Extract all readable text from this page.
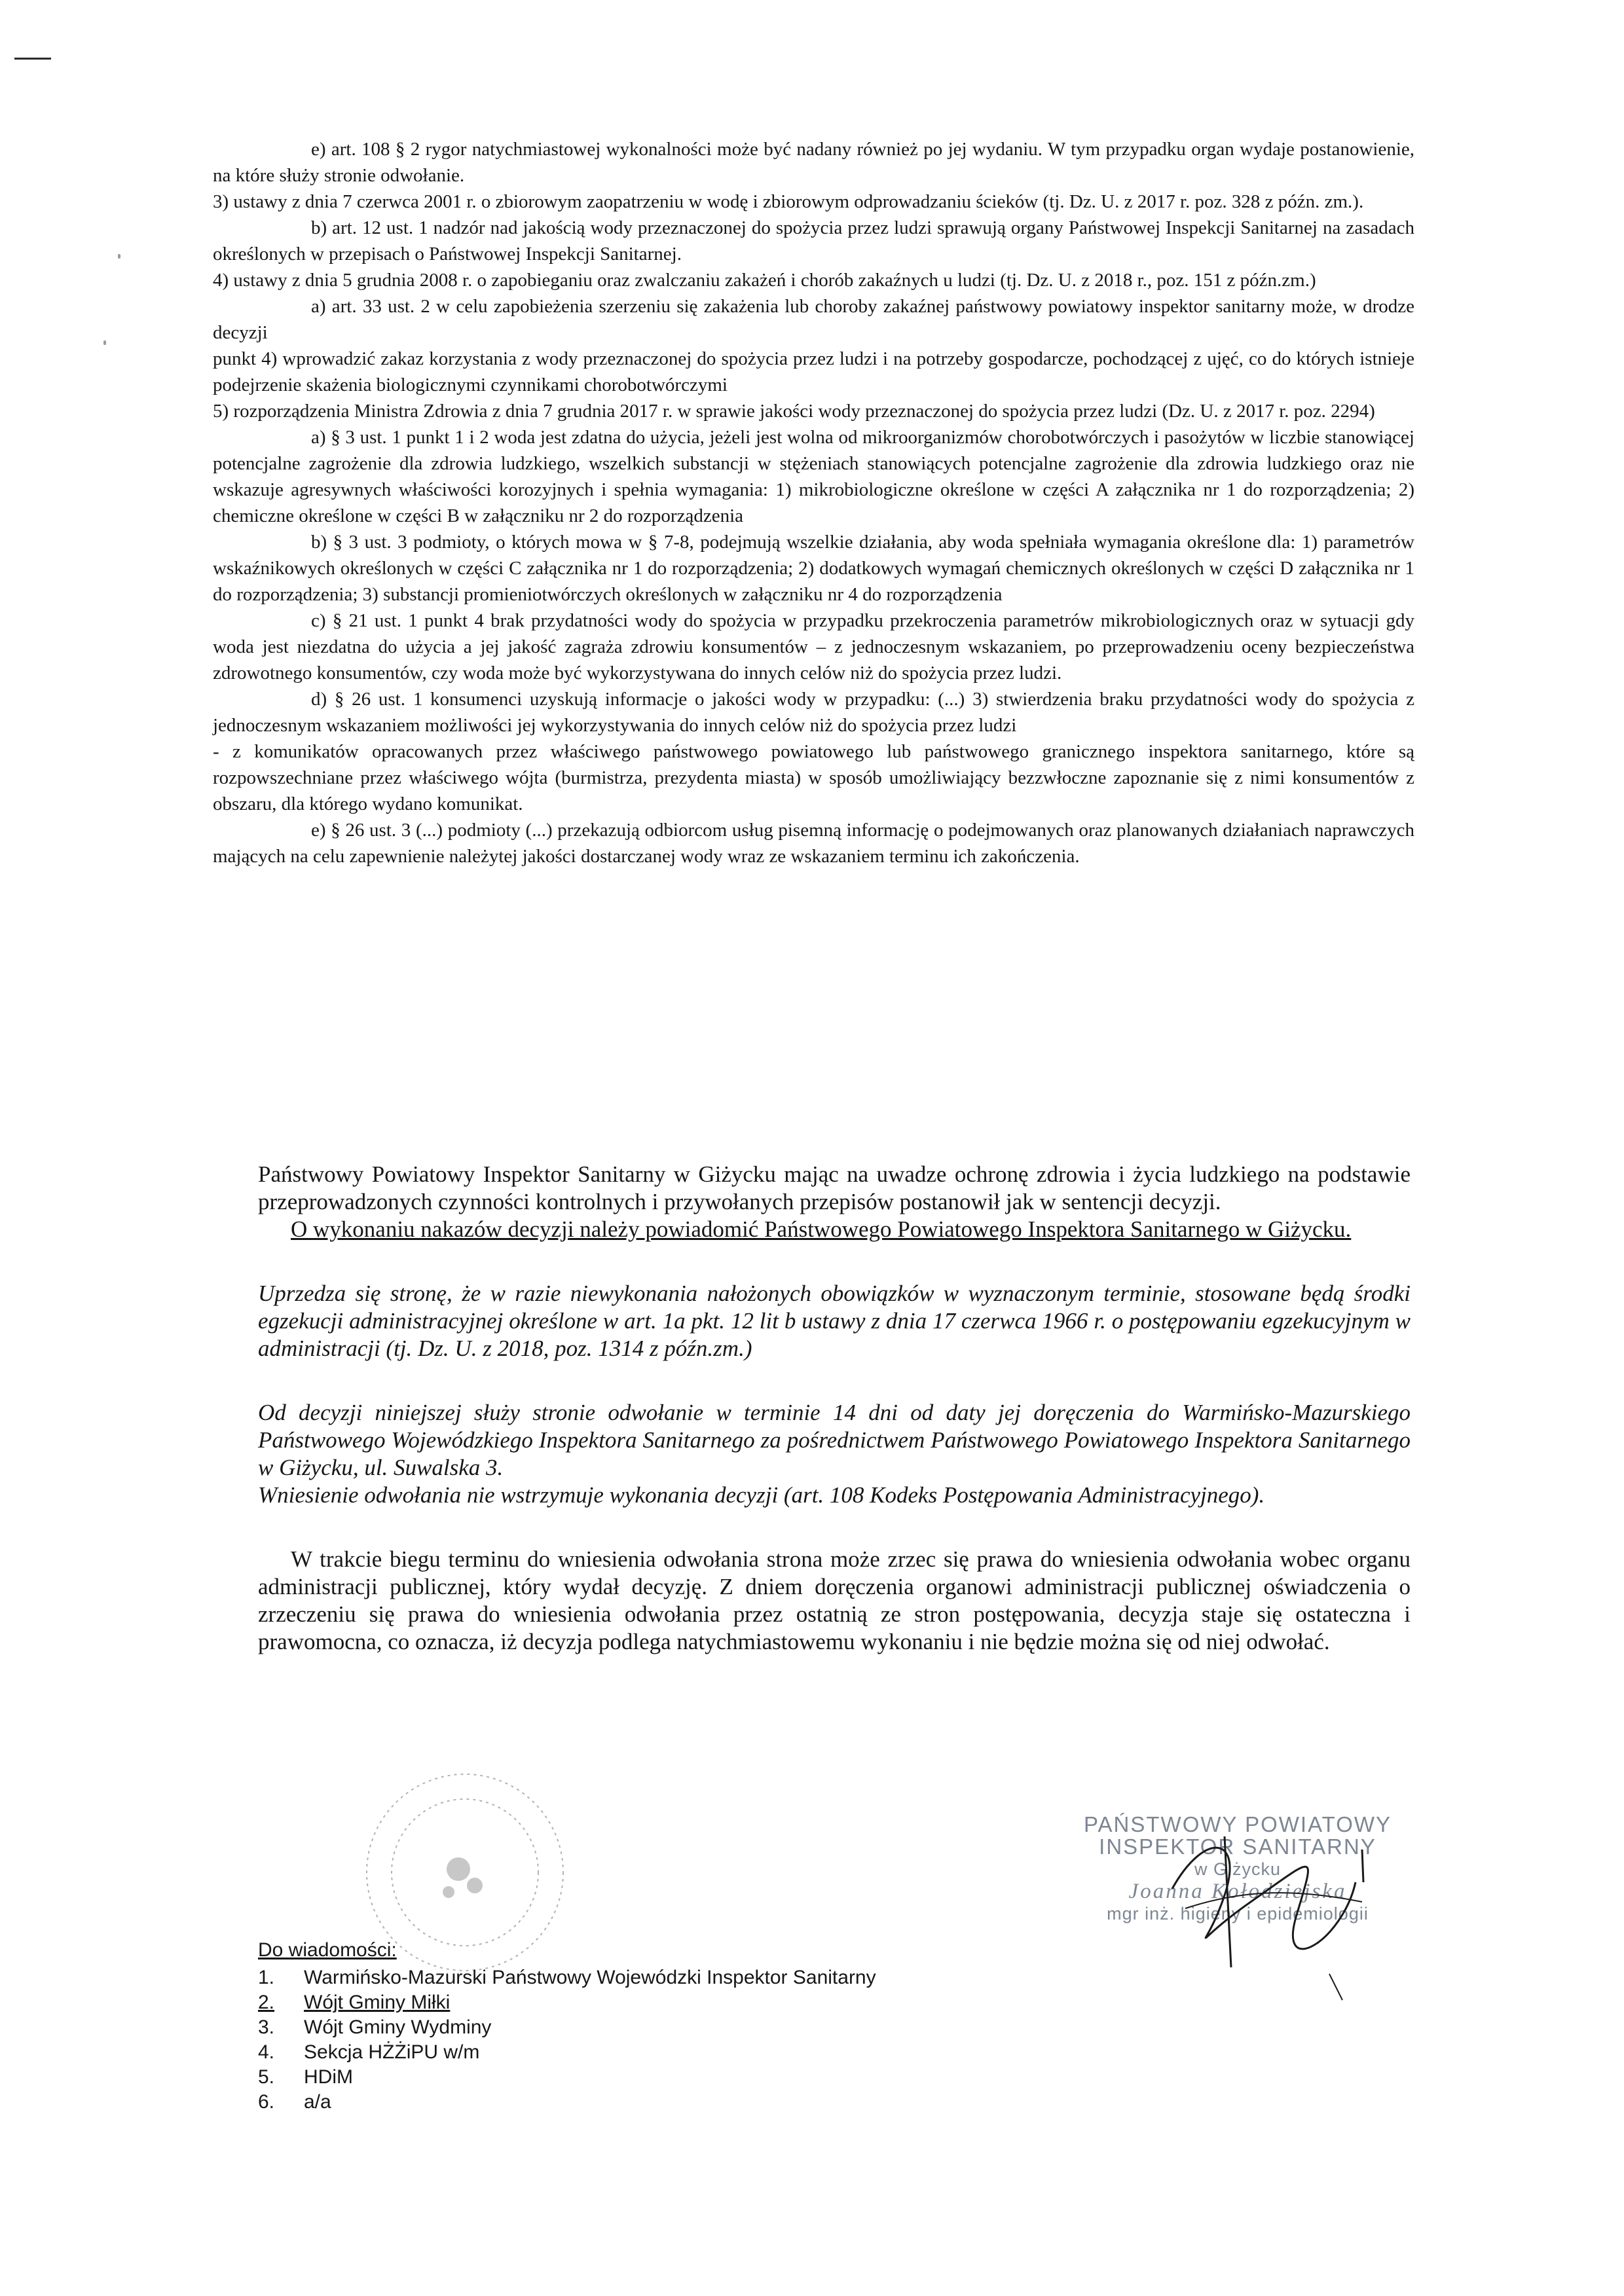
e) art. 108 § 2 rygor natychmiastowej wykonalności może być nadany również po jej wydaniu. W tym przypadku organ wydaje postanowienie, na które służy stronie odwołanie.

3) ustawy z dnia 7 czerwca 2001 r. o zbiorowym zaopatrzeniu w wodę i zbiorowym odprowadzaniu ścieków (tj. Dz. U. z 2017 r. poz. 328 z późn. zm.).

b) art. 12 ust. 1 nadzór nad jakością wody przeznaczonej do spożycia przez ludzi sprawują organy Państwowej Inspekcji Sanitarnej na zasadach określonych w przepisach o Państwowej Inspekcji Sanitarnej.

4) ustawy z dnia 5 grudnia 2008 r. o zapobieganiu oraz zwalczaniu zakażeń i chorób zakaźnych u ludzi (tj. Dz. U. z 2018 r., poz. 151 z późn.zm.)

a) art. 33 ust. 2 w celu zapobieżenia szerzeniu się zakażenia lub choroby zakaźnej państwowy powiatowy inspektor sanitarny może, w drodze decyzji

punkt 4) wprowadzić zakaz korzystania z wody przeznaczonej do spożycia przez ludzi i na potrzeby gospodarcze, pochodzącej z ujęć, co do których istnieje podejrzenie skażenia biologicznymi czynnikami chorobotwórczymi

5) rozporządzenia Ministra Zdrowia z dnia 7 grudnia 2017 r. w sprawie jakości wody przeznaczonej do spożycia przez ludzi (Dz. U. z 2017 r. poz. 2294)

a) § 3 ust. 1 punkt 1 i 2 woda jest zdatna do użycia, jeżeli jest wolna od mikroorganizmów chorobotwórczych i pasożytów w liczbie stanowiącej potencjalne zagrożenie dla zdrowia ludzkiego, wszelkich substancji w stężeniach stanowiących potencjalne zagrożenie dla zdrowia ludzkiego oraz nie wskazuje agresywnych właściwości korozyjnych i spełnia wymagania: 1) mikrobiologiczne określone w części A załącznika nr 1 do rozporządzenia; 2) chemiczne określone w części B w załączniku nr 2 do rozporządzenia

b) § 3 ust. 3 podmioty, o których mowa w § 7-8, podejmują wszelkie działania, aby woda spełniała wymagania określone dla: 1) parametrów wskaźnikowych określonych w części C załącznika nr 1 do rozporządzenia; 2) dodatkowych wymagań chemicznych określonych w części D załącznika nr 1 do rozporządzenia; 3) substancji promieniotwórczych określonych w załączniku nr 4 do rozporządzenia

c) § 21 ust. 1 punkt 4 brak przydatności wody do spożycia w przypadku przekroczenia parametrów mikrobiologicznych oraz w sytuacji gdy woda jest niezdatna do użycia a jej jakość zagraża zdrowiu konsumentów – z jednoczesnym wskazaniem, po przeprowadzeniu oceny bezpieczeństwa zdrowotnego konsumentów, czy woda może być wykorzystywana do innych celów niż do spożycia przez ludzi.

d) § 26 ust. 1 konsumenci uzyskują informacje o jakości wody w przypadku: (...) 3) stwierdzenia braku przydatności wody do spożycia z jednoczesnym wskazaniem możliwości jej wykorzystywania do innych celów niż do spożycia przez ludzi

- z komunikatów opracowanych przez właściwego państwowego powiatowego lub państwowego granicznego inspektora sanitarnego, które są rozpowszechniane przez właściwego wójta (burmistrza, prezydenta miasta) w sposób umożliwiający bezzwłoczne zapoznanie się z nimi konsumentów z obszaru, dla którego wydano komunikat.

e) § 26 ust. 3 (...) podmioty (...) przekazują odbiorcom usług pisemną informację o podejmowanych oraz planowanych działaniach naprawczych mających na celu zapewnienie należytej jakości dostarczanej wody wraz ze wskazaniem terminu ich zakończenia.

Państwowy Powiatowy Inspektor Sanitarny w Giżycku mając na uwadze ochronę zdrowia i życia ludzkiego na podstawie przeprowadzonych czynności kontrolnych i przywołanych przepisów postanowił jak w sentencji decyzji.

O wykonaniu nakazów decyzji należy powiadomić Państwowego Powiatowego Inspektora Sanitarnego w Giżycku.

Uprzedza się stronę, że w razie niewykonania nałożonych obowiązków w wyznaczonym terminie, stosowane będą środki egzekucji administracyjnej określone w art. 1a pkt. 12 lit b ustawy z dnia 17 czerwca 1966 r. o postępowaniu egzekucyjnym w administracji (tj. Dz. U. z 2018, poz. 1314 z późn.zm.)

Od decyzji niniejszej służy stronie odwołanie w terminie 14 dni od daty jej doręczenia do Warmińsko-Mazurskiego Państwowego Wojewódzkiego Inspektora Sanitarnego za pośrednictwem Państwowego Powiatowego Inspektora Sanitarnego w Giżycku, ul. Suwalska 3.

Wniesienie odwołania nie wstrzymuje wykonania decyzji (art. 108 Kodeks Postępowania Administracyjnego).

W trakcie biegu terminu do wniesienia odwołania strona może zrzec się prawa do wniesienia odwołania wobec organu administracji publicznej, który wydał decyzję. Z dniem doręczenia organowi administracji publicznej oświadczenia o zrzeczeniu się prawa do wniesienia odwołania przez ostatnią ze stron postępowania, decyzja staje się ostateczna i prawomocna, co oznacza, iż decyzja podlega natychmiastowemu wykonaniu i nie będzie można się od niej odwołać.

PAŃSTWOWY POWIATOWY
INSPEKTOR SANITARNY
w Giżycku
Joanna Kołodziejska
mgr inż. higieny i epidemiologii
Do wiadomości:
1.	Warmińsko-Mazurski Państwowy Wojewódzki Inspektor Sanitarny
2.	Wójt Gminy Miłki
3.	Wójt Gminy Wydminy
4.	Sekcja HŻŻiPU w/m
5.	HDiM
6.	a/a
